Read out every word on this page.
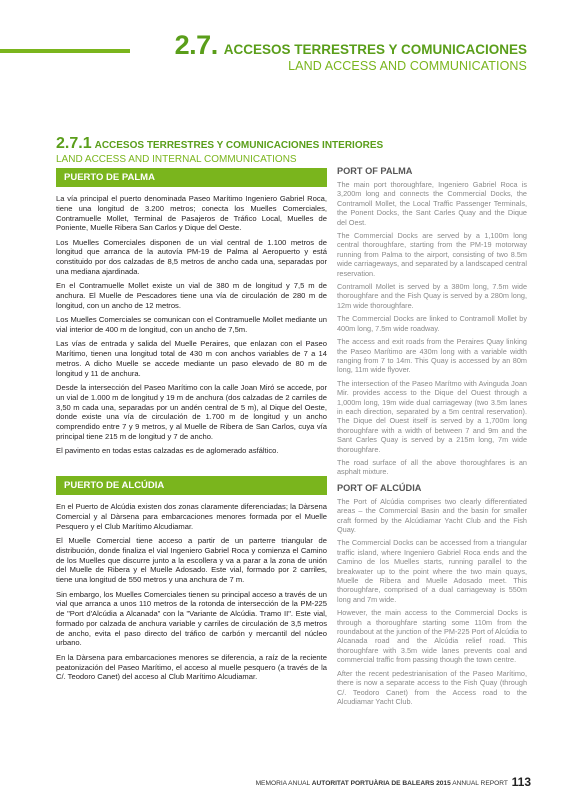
2.7. ACCESOS TERRESTRES Y COMUNICACIONES
LAND ACCESS AND COMMUNICATIONS
2.7.1 ACCESOS TERRESTRES Y COMUNICACIONES INTERIORES
LAND ACCESS AND INTERNAL COMMUNICATIONS
PUERTO DE PALMA

La vía principal el puerto denominada Paseo Marítimo Ingeniero Gabriel Roca, tiene una longitud de 3.200 metros; conecta los Muelles Comerciales, Contramuelle Mollet, Terminal de Pasajeros de Tráfico Local, Muelles de Poniente, Muelle Ribera San Carlos y Dique del Oeste.

Los Muelles Comerciales disponen de un vial central de 1.100 metros de longitud que arranca de la autovía PM-19 de Palma al Aeropuerto y está constituido por dos calzadas de 8,5 metros de ancho cada una, separadas por una mediana ajardinada.

En el Contramuelle Mollet existe un vial de 380 m de longitud y 7,5 m de anchura. El Muelle de Pescadores tiene una vía de circulación de 280 m de longitud, con un ancho de 12 metros.

Los Muelles Comerciales se comunican con el Contramuelle Mollet mediante un vial interior de 400 m de longitud, con un ancho de 7,5m.

Las vías de entrada y salida del Muelle Peraires, que enlazan con el Paseo Marítimo, tienen una longitud total de 430 m con anchos variables de 7 a 14 metros. A dicho Muelle se accede mediante un paso elevado de 80 m de longitud y 11 de anchura.

Desde la intersección del Paseo Marítimo con la calle Joan Miró se accede, por un vial de 1.000 m de longitud y 19 m de anchura (dos calzadas de 2 carriles de 3,50 m cada una, separadas por un andén central de 5 m), al Dique del Oeste, donde existe una vía de circulación de 1.700 m de longitud y un ancho comprendido entre 7 y 9 metros, y al Muelle de Ribera de San Carlos, cuya vía principal tiene 215 m de longitud y 7 de ancho.

El pavimento en todas estas calzadas es de aglomerado asfáltico.

PUERTO DE ALCÚDIA

En el Puerto de Alcúdia existen dos zonas claramente diferenciadas; la Dàrsena Comercial y al Dàrsena para embarcaciones menores formada por el Muelle Pesquero y el Club Marítimo Alcudiamar.

El Muelle Comercial tiene acceso a partir de un parterre triangular de distribución, donde finaliza el vial Ingeniero Gabriel Roca y comienza el Camino de los Muelles que discurre junto a la escollera y va a parar a la zona de unión del Muelle de Ribera y el Muelle Adosado. Este vial, formado por 2 carriles, tiene una longitud de 550 metros y una anchura de 7 m.

Sin embargo, los Muelles Comerciales tienen su principal acceso a través de un vial que arranca a unos 110 metros de la rotonda de intersección de la PM-225 de "Port d'Alcúdia a Alcanada" con la "Variante de Alcúdia. Tramo II". Este vial, formado por calzada de anchura variable y carriles de circulación de 3,5 metros de ancho, evita el paso directo del tráfico de carbón y mercantil del núcleo urbano.

En la Dàrsena para embarcaciones menores se diferencia, a raíz de la reciente peatonización del Paseo Marítimo, el acceso al muelle pesquero (a través de la C/. Teodoro Canet) del acceso al Club Marítimo Alcudiamar.

PORT OF PALMA

The main port thoroughfare, Ingeniero Gabriel Roca is 3,200m long and connects the Commercial Docks, the Contramoll Mollet, the Local Traffic Passenger Terminals, the Ponent Docks, the Sant Carles Quay and the Dique del Oest.

The Commercial Docks are served by a 1,100m long central thoroughfare, starting from the PM-19 motorway running from Palma to the airport, consisting of two 8.5m wide carriageways, and separated by a landscaped central reservation.

Contramoll Mollet is served by a 380m long, 7.5m wide thoroughfare and the Fish Quay is served by a 280m long, 12m wide thoroughfare.

The Commercial Docks are linked to Contramoll Mollet by 400m long, 7.5m wide roadway.

The access and exit roads from the Peraires Quay linking the Paseo Marítimo are 430m long with a variable width ranging from 7 to 14m. This Quay is accessed by an 80m long, 11m wide flyover.

The intersection of the Paseo Marítmo with Avinguda Joan Mir. provides access to the Dique del Ouest through a 1,000m long, 19m wide dual carriageway (two 3.5m lanes in each direction, separated by a 5m central reservation). The Dique del Ouest itself is served by a 1,700m long thoroughfare with a width of between 7 and 9m and the Sant Carles Quay is served by a 215m long, 7m wide thoroughfare.

The road surface of all the above thoroughfares is an asphalt mixture.

PORT OF ALCÚDIA

The Port of Alcúdia comprises two clearly differentiated areas – the Commercial Basin and the basin for smaller craft formed by the Alcúdiamar Yacht Club and the Fish Quay.

The Commercial Docks can be accessed from a triangular traffic island, where Ingeniero Gabriel Roca ends and the Camino de los Muelles starts, running parallel to the breakwater up to the point where the two main quays, Muelle de Ribera and Muelle Adosado meet. This thoroughfare, comprised of a dual carriageway is 550m long and 7m wide.

However, the main access to the Commercial Docks is through a thoroughfare starting some 110m from the roundabout at the junction of the PM-225 Port of Alcúdia to Alcanada road and the Alcúdia relief road. This thoroughfare with 3.5m wide lanes prevents coal and commercial traffic from passing though the town centre.

After the recent pedestrianisation of the Paseo Marítimo, there is now a separate access to the Fish Quay (through C/. Teodoro Canet) from the Access road to the Alcudiamar Yacht Club.

MEMORIA ANUAL AUTORITAT PORTUÀRIA DE BALEARS 2015 ANNUAL REPORT 113
